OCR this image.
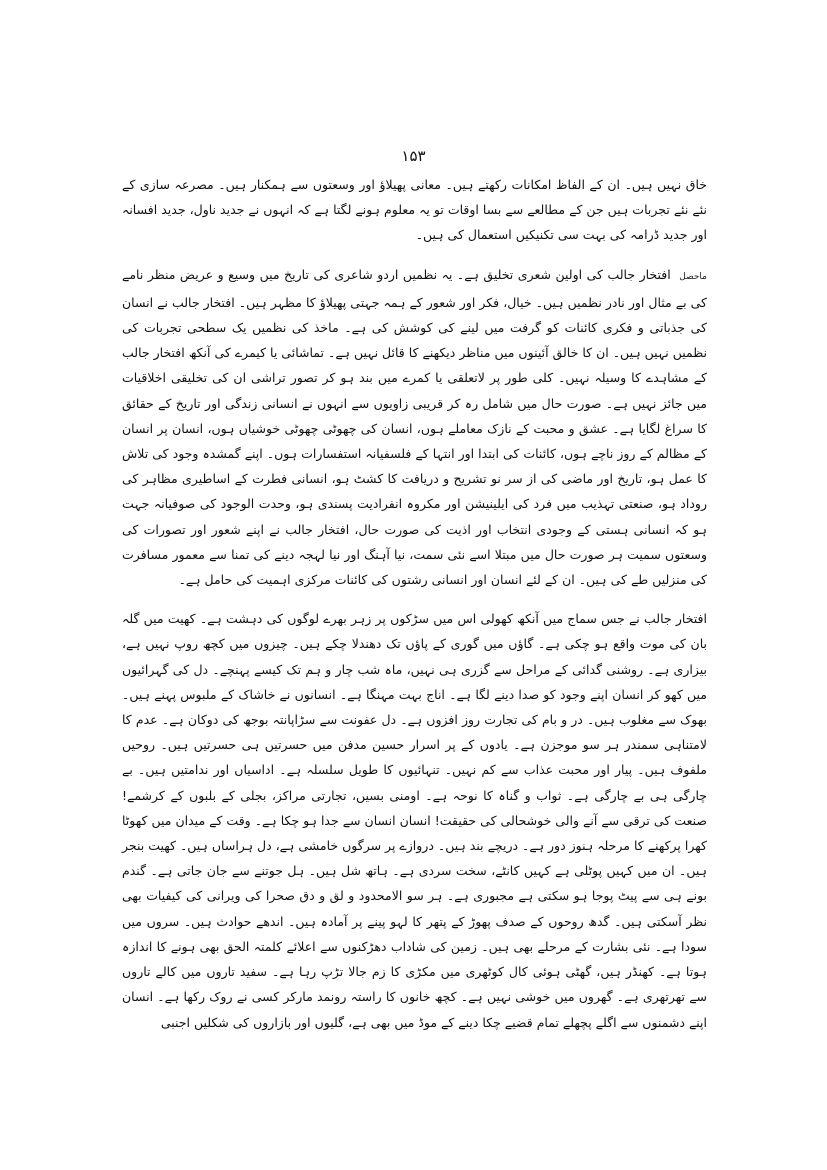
۱۵۳

خاق نہیں ہیں۔ ان کے الفاظ امکانات رکھتے ہیں۔ معانی پھیلاؤ اور وسعتوں سے ہمکنار ہیں۔ مصرعہ سازی کے نئے نئے تجربات ہیں جن کے مطالعے سے بسا اوقات تو یہ معلوم ہونے لگتا ہے کہ انہوں نے جدید ناول، جدید افسانہ اور جدید ڈرامہ کی بہت سی تکنیکیں استعمال کی ہیں۔

ماحصل افتخار جالب کی اولین شعری تخلیق ہے۔ یہ نظمیں اردو شاعری کی تاریخ میں وسیع و عریض منظر نامے کی بے مثال اور نادر نظمیں ہیں۔ خیال، فکر اور شعور کے ہمہ جہتی پھیلاؤ کا مظہر ہیں۔ افتخار جالب نے انسان کی جذباتی و فکری کائنات کو گرفت میں لینے کی کوشش کی ہے۔ ماخذ کی نظمیں یک سطحی تجربات کی نظمیں نہیں ہیں۔ ان کا خالق آئینوں میں مناظر دیکھنے کا قائل نہیں ہے۔ تماشائی یا کیمرے کی آنکھ افتخار جالب کے مشاہدے کا وسیلہ نہیں۔ کلی طور پر لاتعلقی یا کمرے میں بند ہو کر تصور تراشی ان کی تخلیقی اخلاقیات میں جائز نہیں ہے۔ صورت حال میں شامل رہ کر قریبی زاویوں سے انہوں نے انسانی زندگی اور تاریخ کے حقائق کا سراغ لگایا ہے۔ عشق و محبت کے نازک معاملے ہوں، انسان کی چھوٹی چھوٹی خوشیاں ہوں، انسان پر انسان کے مظالم کے روز ناچے ہوں، کائنات کی ابتدا اور انتہا کے فلسفیانہ استفسارات ہوں۔ اپنے گمشدہ وجود کی تلاش کا عمل ہو، تاریخ اور ماضی کی از سر نو تشریح و دریافت کا کشٹ ہو، انسانی فطرت کے اساطیری مظاہر کی روداد ہو، صنعتی تہذیب میں فرد کی ایلینیشن اور مکروہ انفرادیت پسندی ہو، وحدت الوجود کی صوفیانہ جہت ہو کہ انسانی ہستی کے وجودی انتخاب اور اذیت کی صورت حال، افتخار جالب نے اپنے شعور اور تصورات کی وسعتوں سمیت ہر صورت حال میں مبتلا اسے نئی سمت، نیا آہنگ اور نیا لہجہ دینے کی تمنا سے معمور مسافرت کی منزلیں طے کی ہیں۔ ان کے لئے انسان اور انسانی رشتوں کی کائنات مرکزی اہمیت کی حامل ہے۔

افتخار جالب نے جس سماج میں آنکھ کھولی اس میں سڑکوں پر زہر بھرے لوگوں کی دہشت ہے۔ کھیت میں گلہ بان کی موت واقع ہو چکی ہے۔ گاؤں میں گوری کے پاؤں تک دھندلا چکے ہیں۔ چیزوں میں کچھ روپ نہیں ہے، بیزاری ہے۔ روشنی گدائی کے مراحل سے گزری ہی نہیں، ماہ شب چار و ہم تک کیسے پہنچے۔ دل کی گہرائیوں میں کھو کر انسان اپنے وجود کو صدا دینے لگا ہے۔ اناج بہت مہنگا ہے۔ انسانوں نے خاشاک کے ملبوس پہنے ہیں۔ بھوک سے مغلوب ہیں۔ در و بام کی تجارت روز افزوں ہے۔ دل عفونت سے سڑاپانتہ بوجھ کی دوکان ہے۔ عدم کا لامتناہی سمندر ہر سو موجزن ہے۔ یادوں کے پر اسرار حسین مدفن میں حسرتیں ہی حسرتیں ہیں۔ روحیں ملفوف ہیں۔ پیار اور محبت عذاب سے کم نہیں۔ تنہائیوں کا طویل سلسلہ ہے۔ اداسیاں اور ندامتیں ہیں۔ بے چارگی ہی بے چارگی ہے۔ ثواب و گناہ کا نوحہ ہے۔ اومنی بسیں، تجارتی مراکز، بجلی کے بلبوں کے کرشمے! صنعت کی ترقی سے آنے والی خوشحالی کی حقیقت! انسان انسان سے جدا ہو چکا ہے۔ وقت کے میدان میں کھوٹا کھرا پرکھنے کا مرحلہ ہنوز دور ہے۔ دریچے بند ہیں۔ دروازے پر سرگوں خامشی ہے، دل ہراساں ہیں۔ کھیت بنجر ہیں۔ ان میں کہیں پوٹلی ہے کہیں کانٹے، سخت سردی ہے۔ ہاتھ شل ہیں۔ ہل جوتنے سے جان جاتی ہے۔ گندم بونے ہی سے پیٹ پوجا ہو سکتی ہے مجبوری ہے۔ ہر سو الامحدود و لق و دق صحرا کی ویرانی کی کیفیات بھی نظر آسکتی ہیں۔ گدھ روحوں کے صدف پھوڑ کے پتھر کا لہو پینے پر آمادہ ہیں۔ اندھے حوادث ہیں۔ سروں میں سودا ہے۔ نئی بشارت کے مرحلے بھی ہیں۔ زمین کی شاداب دھڑکنوں سے اعلائے کلمتہ الحق بھی ہونے کا اندازہ ہوتا ہے۔ کھنڈر ہیں، گھٹی ہوئی کال کوٹھری میں مکڑی کا زم جالا تڑپ رہا ہے۔ سفید تاروں میں کالے تاروں سے تھرتھری ہے۔ گھروں میں خوشی نہیں ہے۔ کچھ خانوں کا راستہ رونمد مارکر کسی نے روک رکھا ہے۔ انسان اپنے دشمنوں سے اگلے پچھلے تمام قضیے چکا دینے کے موڈ میں بھی ہے، گلیوں اور بازاروں کی شکلیں اجنبی
